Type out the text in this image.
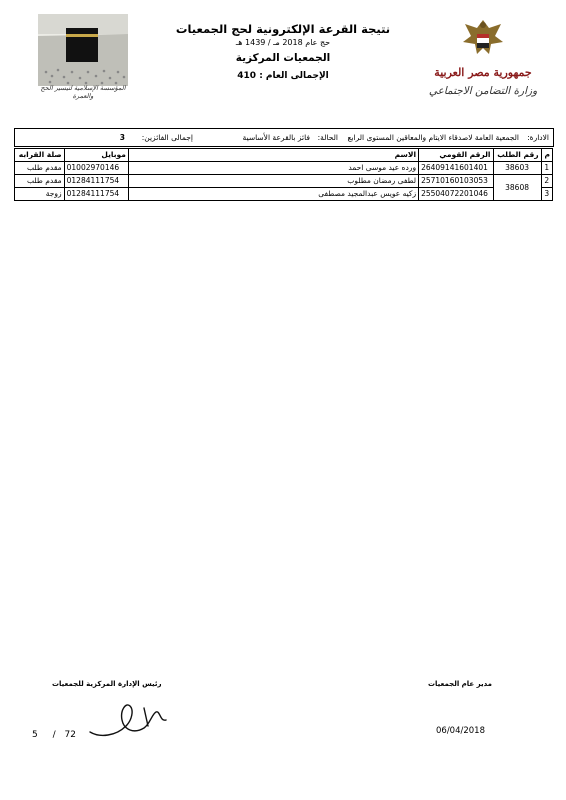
نتيجة القرعة الإلكترونية لحج الجمعيات
حج عام 2018 مـ / 1439 هـ
الجمعيات المركزية
الإجمالى العام : 410	جمهورية مصر العربية
وزارة التضامن الاجتماعي
المؤسسة الإسلامية لتيسير الحج والعمرة
الادارة:
الجمعية العامة لاصدقاء الايتام والمعاقين المستوى الرابع
الحالة:
فائز بالقرعة الأساسية
إجمالى الفائزين:
3
م	رقم الطلب	الرقم القومي	الاسم	موبايل	صلة القرابه
1	38603	26409141601401	ورده عيد موسى احمد	01002970146	مقدم طلب
2	38608	25710160103053	لطفى رمضان مطلوب	01284111754	مقدم طلب
3		25504072201046	زكيه عويس عبدالمجيد مصطفى	01284111754	زوجة
رئيس الإدارة المركزية للجمعيات	مدير عام الجمعيات
5 / 72	06/04/2018
